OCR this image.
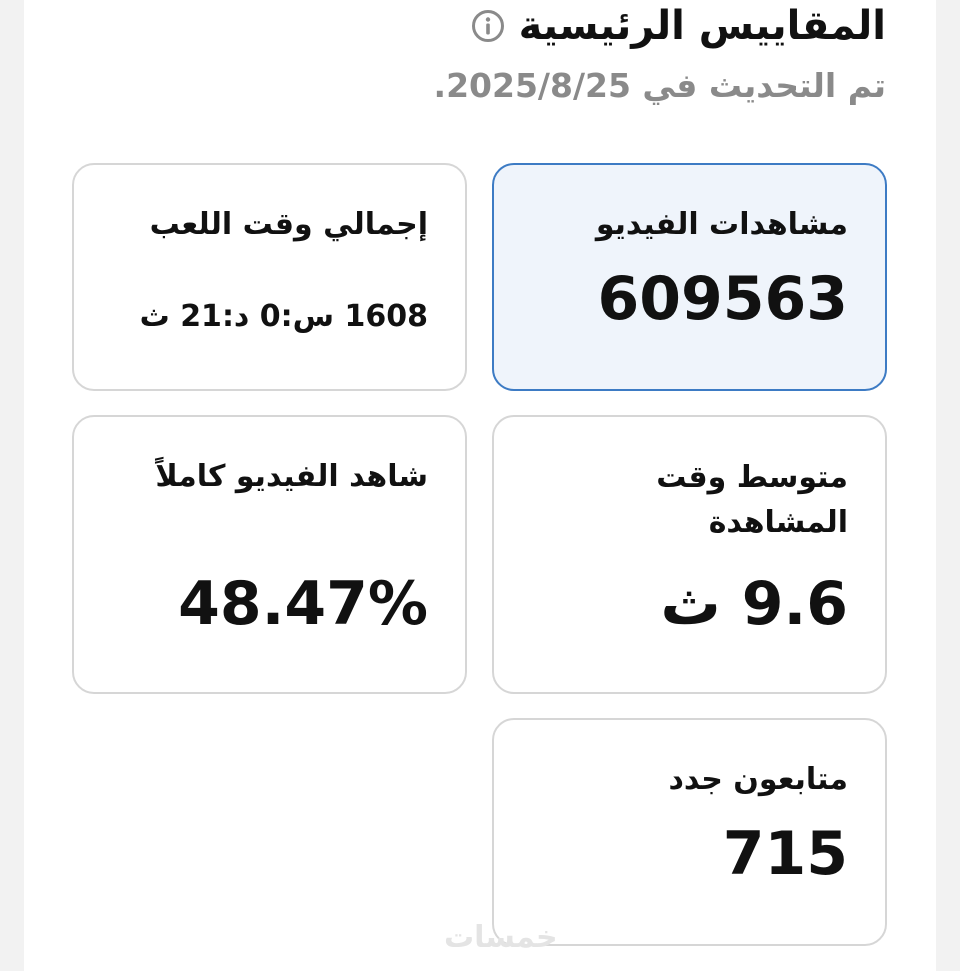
المقاييس الرئيسية
تم التحديث في 2025/8/25.
مشاهدات الفيديو
609563
إجمالي وقت اللعب
1608 س:0 د:21 ث
متوسط وقت المشاهدة
9.6 ث
شاهد الفيديو كاملاً
48.47%
متابعون جدد
715
خمسات
